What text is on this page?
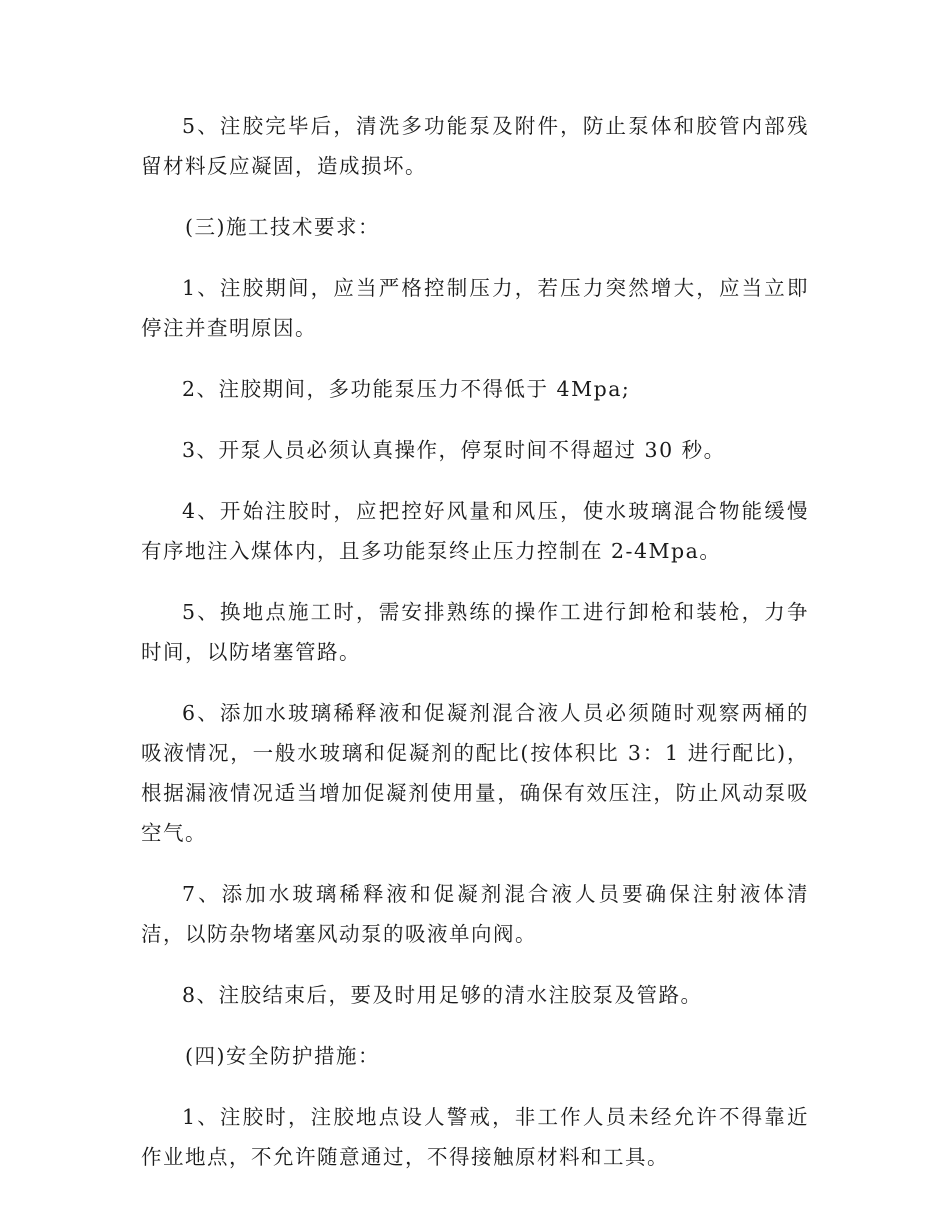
5、注胶完毕后，清洗多功能泵及附件，防止泵体和胶管内部残留材料反应凝固，造成损坏。

(三)施工技术要求：

1、注胶期间，应当严格控制压力，若压力突然增大，应当立即停注并查明原因。

2、注胶期间，多功能泵压力不得低于 4Mpa;

3、开泵人员必须认真操作，停泵时间不得超过 30 秒。

4、开始注胶时，应把控好风量和风压，使水玻璃混合物能缓慢有序地注入煤体内，且多功能泵终止压力控制在 2-4Mpa。

5、换地点施工时，需安排熟练的操作工进行卸枪和装枪，力争时间，以防堵塞管路。

6、添加水玻璃稀释液和促凝剂混合液人员必须随时观察两桶的吸液情况，一般水玻璃和促凝剂的配比(按体积比 3：1 进行配比)，根据漏液情况适当增加促凝剂使用量，确保有效压注，防止风动泵吸空气。

7、添加水玻璃稀释液和促凝剂混合液人员要确保注射液体清洁，以防杂物堵塞风动泵的吸液单向阀。

8、注胶结束后，要及时用足够的清水注胶泵及管路。

(四)安全防护措施：

1、注胶时，注胶地点设人警戒，非工作人员未经允许不得靠近作业地点，不允许随意通过，不得接触原材料和工具。
